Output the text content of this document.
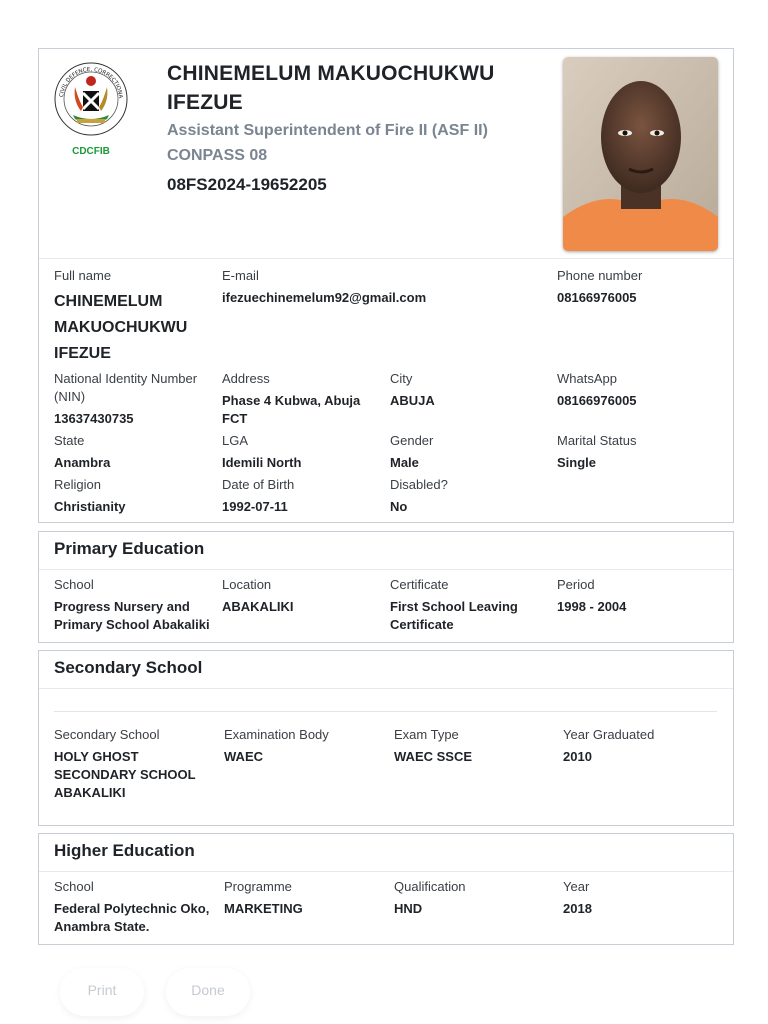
CIVIL DEFENCE, CORRECTIONA
CDCFIB
CHINEMELUM MAKUOCHUKWU IFEZUE
Assistant Superintendent of Fire II (ASF II)
CONPASS 08
08FS2024-19652205
Full name
CHINEMELUM MAKUOCHUKWU IFEZUE
E-mail
ifezuechinemelum92@gmail.com
Phone number
08166976005
National Identity Number (NIN)
13637430735
Address
Phase 4 Kubwa, Abuja FCT
City
ABUJA
WhatsApp
08166976005
State
Anambra
LGA
Idemili North
Gender
Male
Marital Status
Single
Religion
Christianity
Date of Birth
1992-07-11
Disabled?
No
Primary Education
School
Progress Nursery and Primary School Abakaliki
Location
ABAKALIKI
Certificate
First School Leaving Certificate
Period
1998 - 2004
Secondary School
Secondary School
HOLY GHOST SECONDARY SCHOOL ABAKALIKI
Examination Body
WAEC
Exam Type
WAEC SSCE
Year Graduated
2010
Higher Education
School
Federal Polytechnic Oko, Anambra State.
Programme
MARKETING
Qualification
HND
Year
2018
Print	Done
